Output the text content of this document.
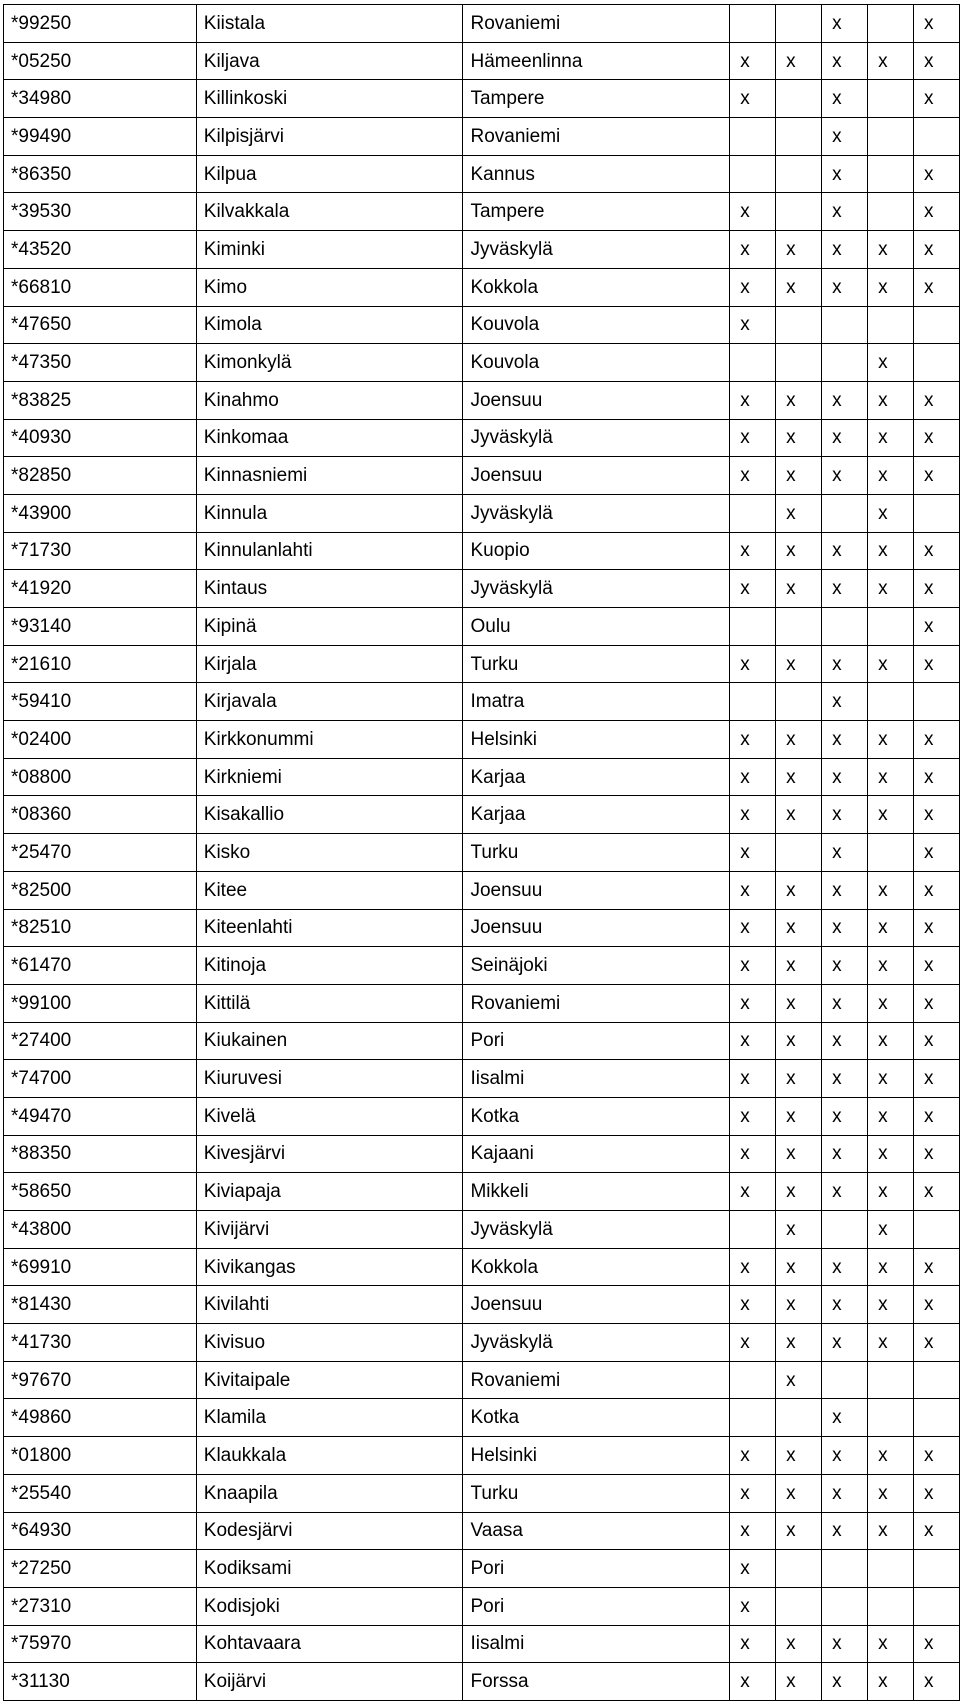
*99250	Kiistala	Rovaniemi			x		x
*05250	Kiljava	Hämeenlinna	x	x	x	x	x
*34980	Killinkoski	Tampere	x		x		x
*99490	Kilpisjärvi	Rovaniemi			x		
*86350	Kilpua	Kannus			x		x
*39530	Kilvakkala	Tampere	x		x		x
*43520	Kiminki	Jyväskylä	x	x	x	x	x
*66810	Kimo	Kokkola	x	x	x	x	x
*47650	Kimola	Kouvola	x				
*47350	Kimonkylä	Kouvola				x	
*83825	Kinahmo	Joensuu	x	x	x	x	x
*40930	Kinkomaa	Jyväskylä	x	x	x	x	x
*82850	Kinnasniemi	Joensuu	x	x	x	x	x
*43900	Kinnula	Jyväskylä		x		x	
*71730	Kinnulanlahti	Kuopio	x	x	x	x	x
*41920	Kintaus	Jyväskylä	x	x	x	x	x
*93140	Kipinä	Oulu					x
*21610	Kirjala	Turku	x	x	x	x	x
*59410	Kirjavala	Imatra			x		
*02400	Kirkkonummi	Helsinki	x	x	x	x	x
*08800	Kirkniemi	Karjaa	x	x	x	x	x
*08360	Kisakallio	Karjaa	x	x	x	x	x
*25470	Kisko	Turku	x		x		x
*82500	Kitee	Joensuu	x	x	x	x	x
*82510	Kiteenlahti	Joensuu	x	x	x	x	x
*61470	Kitinoja	Seinäjoki	x	x	x	x	x
*99100	Kittilä	Rovaniemi	x	x	x	x	x
*27400	Kiukainen	Pori	x	x	x	x	x
*74700	Kiuruvesi	Iisalmi	x	x	x	x	x
*49470	Kivelä	Kotka	x	x	x	x	x
*88350	Kivesjärvi	Kajaani	x	x	x	x	x
*58650	Kiviapaja	Mikkeli	x	x	x	x	x
*43800	Kivijärvi	Jyväskylä		x		x	
*69910	Kivikangas	Kokkola	x	x	x	x	x
*81430	Kivilahti	Joensuu	x	x	x	x	x
*41730	Kivisuo	Jyväskylä	x	x	x	x	x
*97670	Kivitaipale	Rovaniemi		x			
*49860	Klamila	Kotka			x		
*01800	Klaukkala	Helsinki	x	x	x	x	x
*25540	Knaapila	Turku	x	x	x	x	x
*64930	Kodesjärvi	Vaasa	x	x	x	x	x
*27250	Kodiksami	Pori	x				
*27310	Kodisjoki	Pori	x				
*75970	Kohtavaara	Iisalmi	x	x	x	x	x
*31130	Koijärvi	Forssa	x	x	x	x	x
